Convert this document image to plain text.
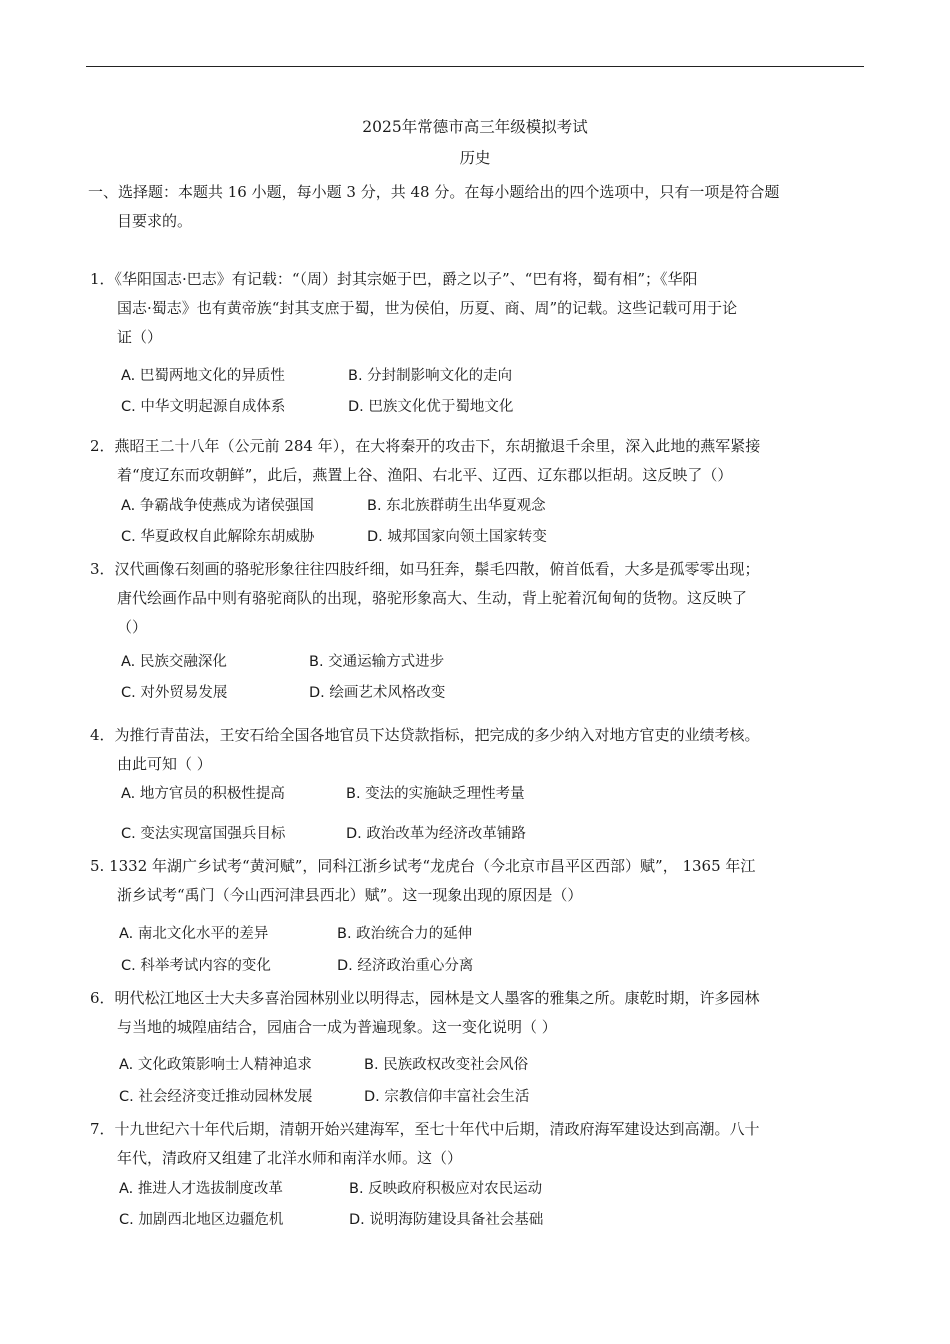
2025年常德市高三年级模拟考试
历史
一、选择题：本题共 16 小题，每小题 3 分，共 48 分。在每小题给出的四个选项中，只有一项是符合题
目要求的。
1．《华阳国志·巴志》有记载：“（周）封其宗姬于巴，爵之以子”、“巴有将，蜀有相”；《华阳
国志·蜀志》也有黄帝族“封其支庶于蜀，世为侯伯，历夏、商、周”的记载。这些记载可用于论
证（）
A. 巴蜀两地文化的异质性	B. 分封制影响文化的走向
C. 中华文明起源自成体系	D. 巴族文化优于蜀地文化
2．燕昭王二十八年（公元前 284 年），在大将秦开的攻击下，东胡撤退千余里，深入此地的燕军紧接
着“度辽东而攻朝鲜”，此后，燕置上谷、渔阳、右北平、辽西、辽东郡以拒胡。这反映了（）
A. 争霸战争使燕成为诸侯强国	B. 东北族群萌生出华夏观念
C. 华夏政权自此解除东胡威胁	D. 城邦国家向领土国家转变
3．汉代画像石刻画的骆驼形象往往四肢纤细，如马狂奔，鬃毛四散，俯首低看，大多是孤零零出现；
唐代绘画作品中则有骆驼商队的出现，骆驼形象高大、生动，背上驼着沉甸甸的货物。这反映了
（）
A. 民族交融深化	B. 交通运输方式进步
C. 对外贸易发展	D. 绘画艺术风格改变
4．为推行青苗法，王安石给全国各地官员下达贷款指标，把完成的多少纳入对地方官吏的业绩考核。
由此可知（ ）
A. 地方官员的积极性提高	B. 变法的实施缺乏理性考量
C. 变法实现富国强兵目标	D. 政治改革为经济改革铺路
5. 1332 年湖广乡试考“黄河赋”，同科江浙乡试考“龙虎台（今北京市昌平区西部）赋”， 1365 年江
浙乡试考“禹门（今山西河津县西北）赋”。这一现象出现的原因是（）
A. 南北文化水平的差异	B. 政治统合力的延伸
C. 科举考试内容的变化	D. 经济政治重心分离
6．明代松江地区士大夫多喜治园林别业以明得志，园林是文人墨客的雅集之所。康乾时期，许多园林
与当地的城隍庙结合，园庙合一成为普遍现象。这一变化说明（ ）
A. 文化政策影响士人精神追求	B. 民族政权改变社会风俗
C. 社会经济变迁推动园林发展	D. 宗教信仰丰富社会生活
7．十九世纪六十年代后期，清朝开始兴建海军，至七十年代中后期，清政府海军建设达到高潮。八十
年代，清政府又组建了北洋水师和南洋水师。这（）
A. 推进人才选拔制度改革	B. 反映政府积极应对农民运动
C. 加剧西北地区边疆危机	D. 说明海防建设具备社会基础
